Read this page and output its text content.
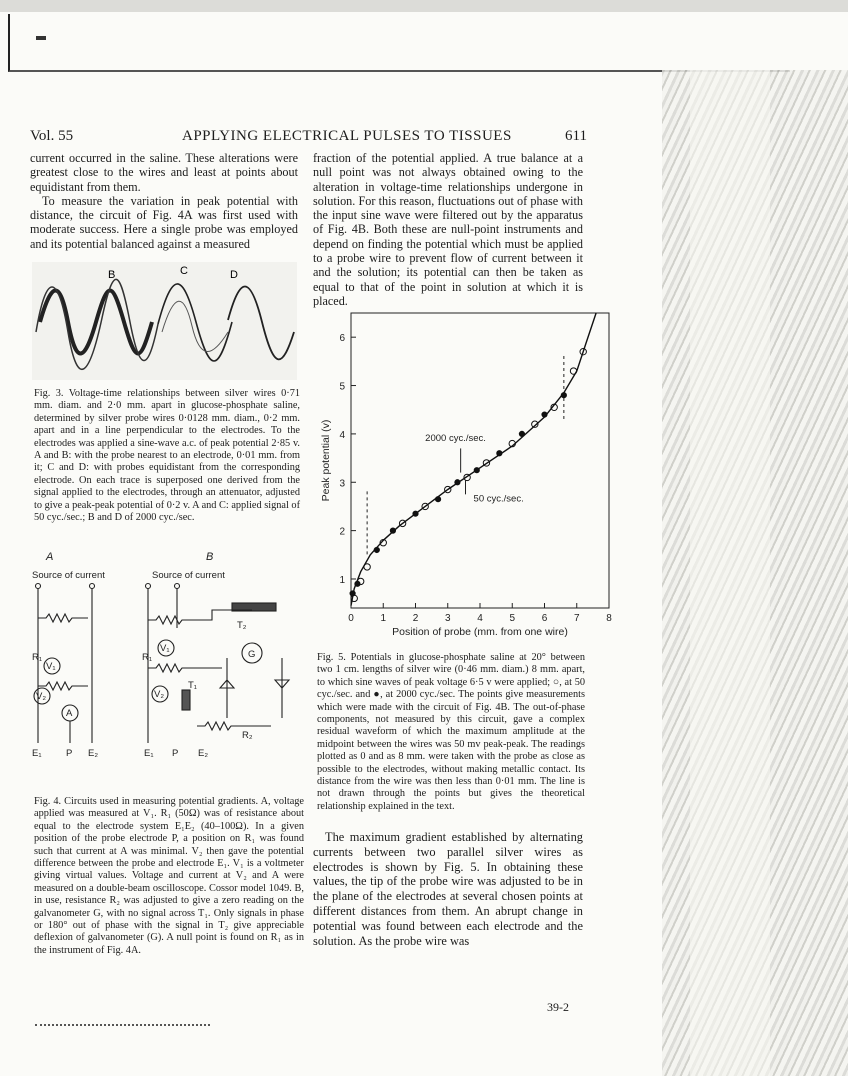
Vol. 55	APPLYING ELECTRICAL PULSES TO TISSUES	611

current occurred in the saline. These alterations were greatest close to the wires and least at points about equidistant from them.

To measure the variation in peak potential with distance, the circuit of Fig. 4A was first used with moderate success. Here a single probe was employed and its potential balanced against a measured

B	C	D

Fig. 3. Voltage-time relationships between silver wires 0·71 mm. diam. and 2·0 mm. apart in glucose-phosphate saline, determined by silver probe wires 0·0128 mm. diam., 0·2 mm. apart and in a line perpendicular to the electrodes. To the electrodes was applied a sine-wave a.c. of peak potential 2·85 v. A and B: with the probe nearest to an electrode, 0·01 mm. from it; C and D: with probes equidistant from the corresponding electrode. On each trace is superposed one derived from the signal applied to the electrodes, through an attenuator, adjusted to give a peak-peak potential of 0·2 v. A and C: applied signal of 50 cyc./sec.; B and D of 2000 cyc./sec.

A	B
Source of current	Source of current
V₁
R₁
V₂
A
E₁	P E₂
T₂
G
R₁
V₁
V₂
T₁
R₂
E₁ P E₂

Fig. 4. Circuits used in measuring potential gradients. A, voltage applied was measured at V₁. R₁ (50Ω) was of resistance about equal to the electrode system E₁E₂ (40–100Ω). In a given position of the probe electrode P, a position on R₁ was found such that current at A was minimal. V₂ then gave the potential difference between the probe and electrode E₁. V₁ is a voltmeter giving virtual values. Voltage and current at V₂ and A were measured on a double-beam oscilloscope. Cossor model 1049. B, in use, resistance R₂ was adjusted to give a zero reading on the galvanometer G, with no signal across T₁. Only signals in phase or 180° out of phase with the signal in T₂ give appreciable deflexion of galvanometer (G). A null point is found on R₁ as in the instrument of Fig. 4A.

fraction of the potential applied. A true balance at a null point was not always obtained owing to the alteration in voltage-time relationships undergone in solution. For this reason, fluctuations out of phase with the input sine wave were filtered out by the apparatus of Fig. 4B. Both these are null-point instruments and depend on finding the potential which must be applied to a probe wire to prevent flow of current between it and the solution; its potential can then be taken as equal to that of the point in solution at which it is placed.

0	1	2	3	4	5	6	7	8
1
2
3
4
5
6
Position of probe (mm. from one wire)
Peak potential (v)	2000 cyc./sec.
50 cyc./sec.

Fig. 5. Potentials in glucose-phosphate saline at 20° between two 1 cm. lengths of silver wire (0·46 mm. diam.) 8 mm. apart, to which sine waves of peak voltage 6·5 v were applied; ○, at 50 cyc./sec. and ●, at 2000 cyc./sec. The points give measurements which were made with the circuit of Fig. 4B. The out-of-phase components, not measured by this circuit, gave a complex residual waveform of which the maximum amplitude at the midpoint between the wires was 50 mv peak-peak. The readings plotted as 0 and as 8 mm. were taken with the probe as close as possible to the electrodes, without making metallic contact. Its distance from the wire was then less than 0·01 mm. The line is not drawn through the points but gives the theoretical relationship explained in the text.

The maximum gradient established by alternating currents between two parallel silver wires as electrodes is shown by Fig. 5. In obtaining these values, the tip of the probe wire was adjusted to be in the plane of the electrodes at several chosen points at different distances from them. An abrupt change in potential was found between each electrode and the solution. As the probe wire was

39-2
